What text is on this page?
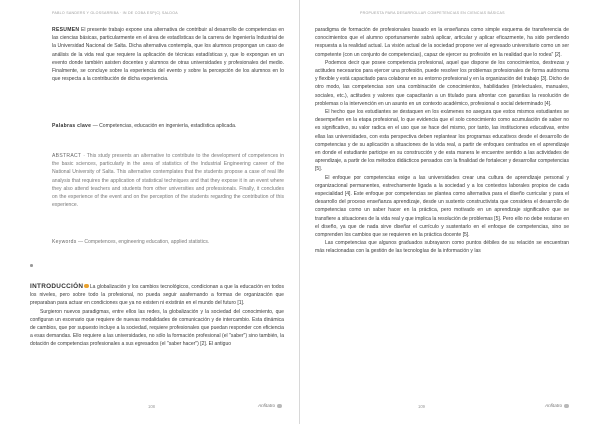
PABLO SANDERS Y GLOSSARRIBA · IN DE COBA ESP(C) SALDOA

RESUMEN El presente trabajo expone una alternativa de contribuir al desarrollo de competencias en las ciencias básicas, particularmente en el área de estadísticas de la carrera de Ingeniería Industrial de la Universidad Nacional de Salta. Dicha alternativa contempla, que los alumnos propongan un caso de análisis de la vida real que requiere la aplicación de técnicas estadísticas y, que lo expongan en un evento donde también asisten docentes y alumnos de otras universidades y profesionales del medio. Finalmente, se concluye sobre la experiencia del evento y sobre la percepción de los alumnos en lo que respecta a la contribución de dicha experiencia.

Palabras clave — Competencias, educación en ingeniería, estadística aplicada.

ABSTRACT · This study presents an alternative to contribute to the development of competences in the basic sciences, particularly in the area of statistics of the Industrial Engineering career of the National University of Salta. This alternative contemplates that the students propose a case of real life analysis that requires the application of statistical techniques and that they expose it in an event where they also attend teachers and students from other universities and professionals. Finally, it concludes on the experience of the event and on the perception of the students regarding the contribution of this experience.

Keywords — Competences, engineering education, applied statistics.

INTRODUCCIÓN La globalización y los cambios tecnológicos, condicionan a que la educación en todos los niveles, pero sobre todo la profesional, no pueda seguir asafernando a formas de organización que preparaban para actuar en condiciones que ya no existen ni existirán en el mundo del futuro [1].

Surgieron nuevos paradigmas, entre ellos las redes, la globalización y la sociedad del conocimiento, que configuran un escenario que requiere de nuevas modalidades de comunicación y de intercambio. Esta dinámica de cambios, que por supuesto incluye a la sociedad, requiere profesionales que puedan responder con eficiencia a esas demandas. Ello requiere a las universidades, no sólo la formación profesional (el "saber") sino también, la dotación de competencias profesionales a sus egresados (el "saber hacer") [2]. El antiguo

108	Anfitatro
PROPUESTA PARA DESARROLLAR COMPETENCIAS EN CIENCIAS BÁSICAS

paradigma de formación de profesionales basado en la enseñanza como simple esquema de transferencia de conocimientos que el alumno oportunamente sabrá aplicar, articular y aplicar eficazmente, ha sido perdiendo respuesta a la realidad actual. La visión actual de la sociedad propone ver al egresado universitario como un ser competente (con un conjunto de competencias), capaz de ejercer su profesión en la realidad que lo rodea" [2].

Podemos decir que posee competencia profesional, aquel que dispone de los conocimientos, destrezas y actitudes necesarios para ejercer una profesión, puede resolver los problemas profesionales de forma autónoma y flexible y está capacitado para colaborar en su entorno profesional y en la organización del trabajo [3]. Dicho de otro modo, las competencias son una combinación de conocimientos, habilidades (intelectuales, manuales, sociales, etc.), actitudes y valores que capacitarán a un titulado para afrontar con garantías la resolución de problemas o la intervención en un asunto en un contexto académico, profesional o social determinado [4].

El hecho que los estudiantes se destaquen en los exámenes no asegura que estos mismos estudiantes se desempeñen en la etapa profesional, lo que evidencia que el solo conocimiento como acumulación de saber no es significativo, su valor radica en el uso que se hace del mismo, por tanto, las instituciones educativas, entre ellas las universidades, con esta perspectiva deben replantear los programas educativos desde el desarrollo de competencias y de su aplicación a situaciones de la vida real, a partir de enfoques centrados en el aprendizaje en donde el estudiante participe en su construcción y de esta manera le encuentre sentido a las actividades de aprendizaje, a partir de los métodos didácticos pensados con la finalidad de fortalecer y desarrollar competencias [5].

El enfoque por competencias exige a las universidades crear una cultura de aprendizaje personal y organizacional permanentes, estrechamente ligada a la sociedad y a los contextos laborales propios de cada especialidad [4]. Este enfoque por competencias se plantea como alternativa para el diseño curricular y para el desarrollo del proceso enseñanza aprendizaje, desde un sustento constructivista que considera el desarrollo de competencias como un saber hacer en la práctica, pero motivado en un aprendizaje significativo que se transfiere a situaciones de la vida real y que implica la resolución de problemas [5]. Pero ello no debe restarse en el diseño, ya que de nada sirve diseñar el currículo y sustentarlo en el enfoque de competencias, sino se comprenden los cambios que se requieren en la práctica docente [5].

Las competencias que algunos graduados subrayaron como puntos débiles de su relación se encuentran más relacionadas con la gestión de las tecnologías de la información y las

109	Anfitatro
